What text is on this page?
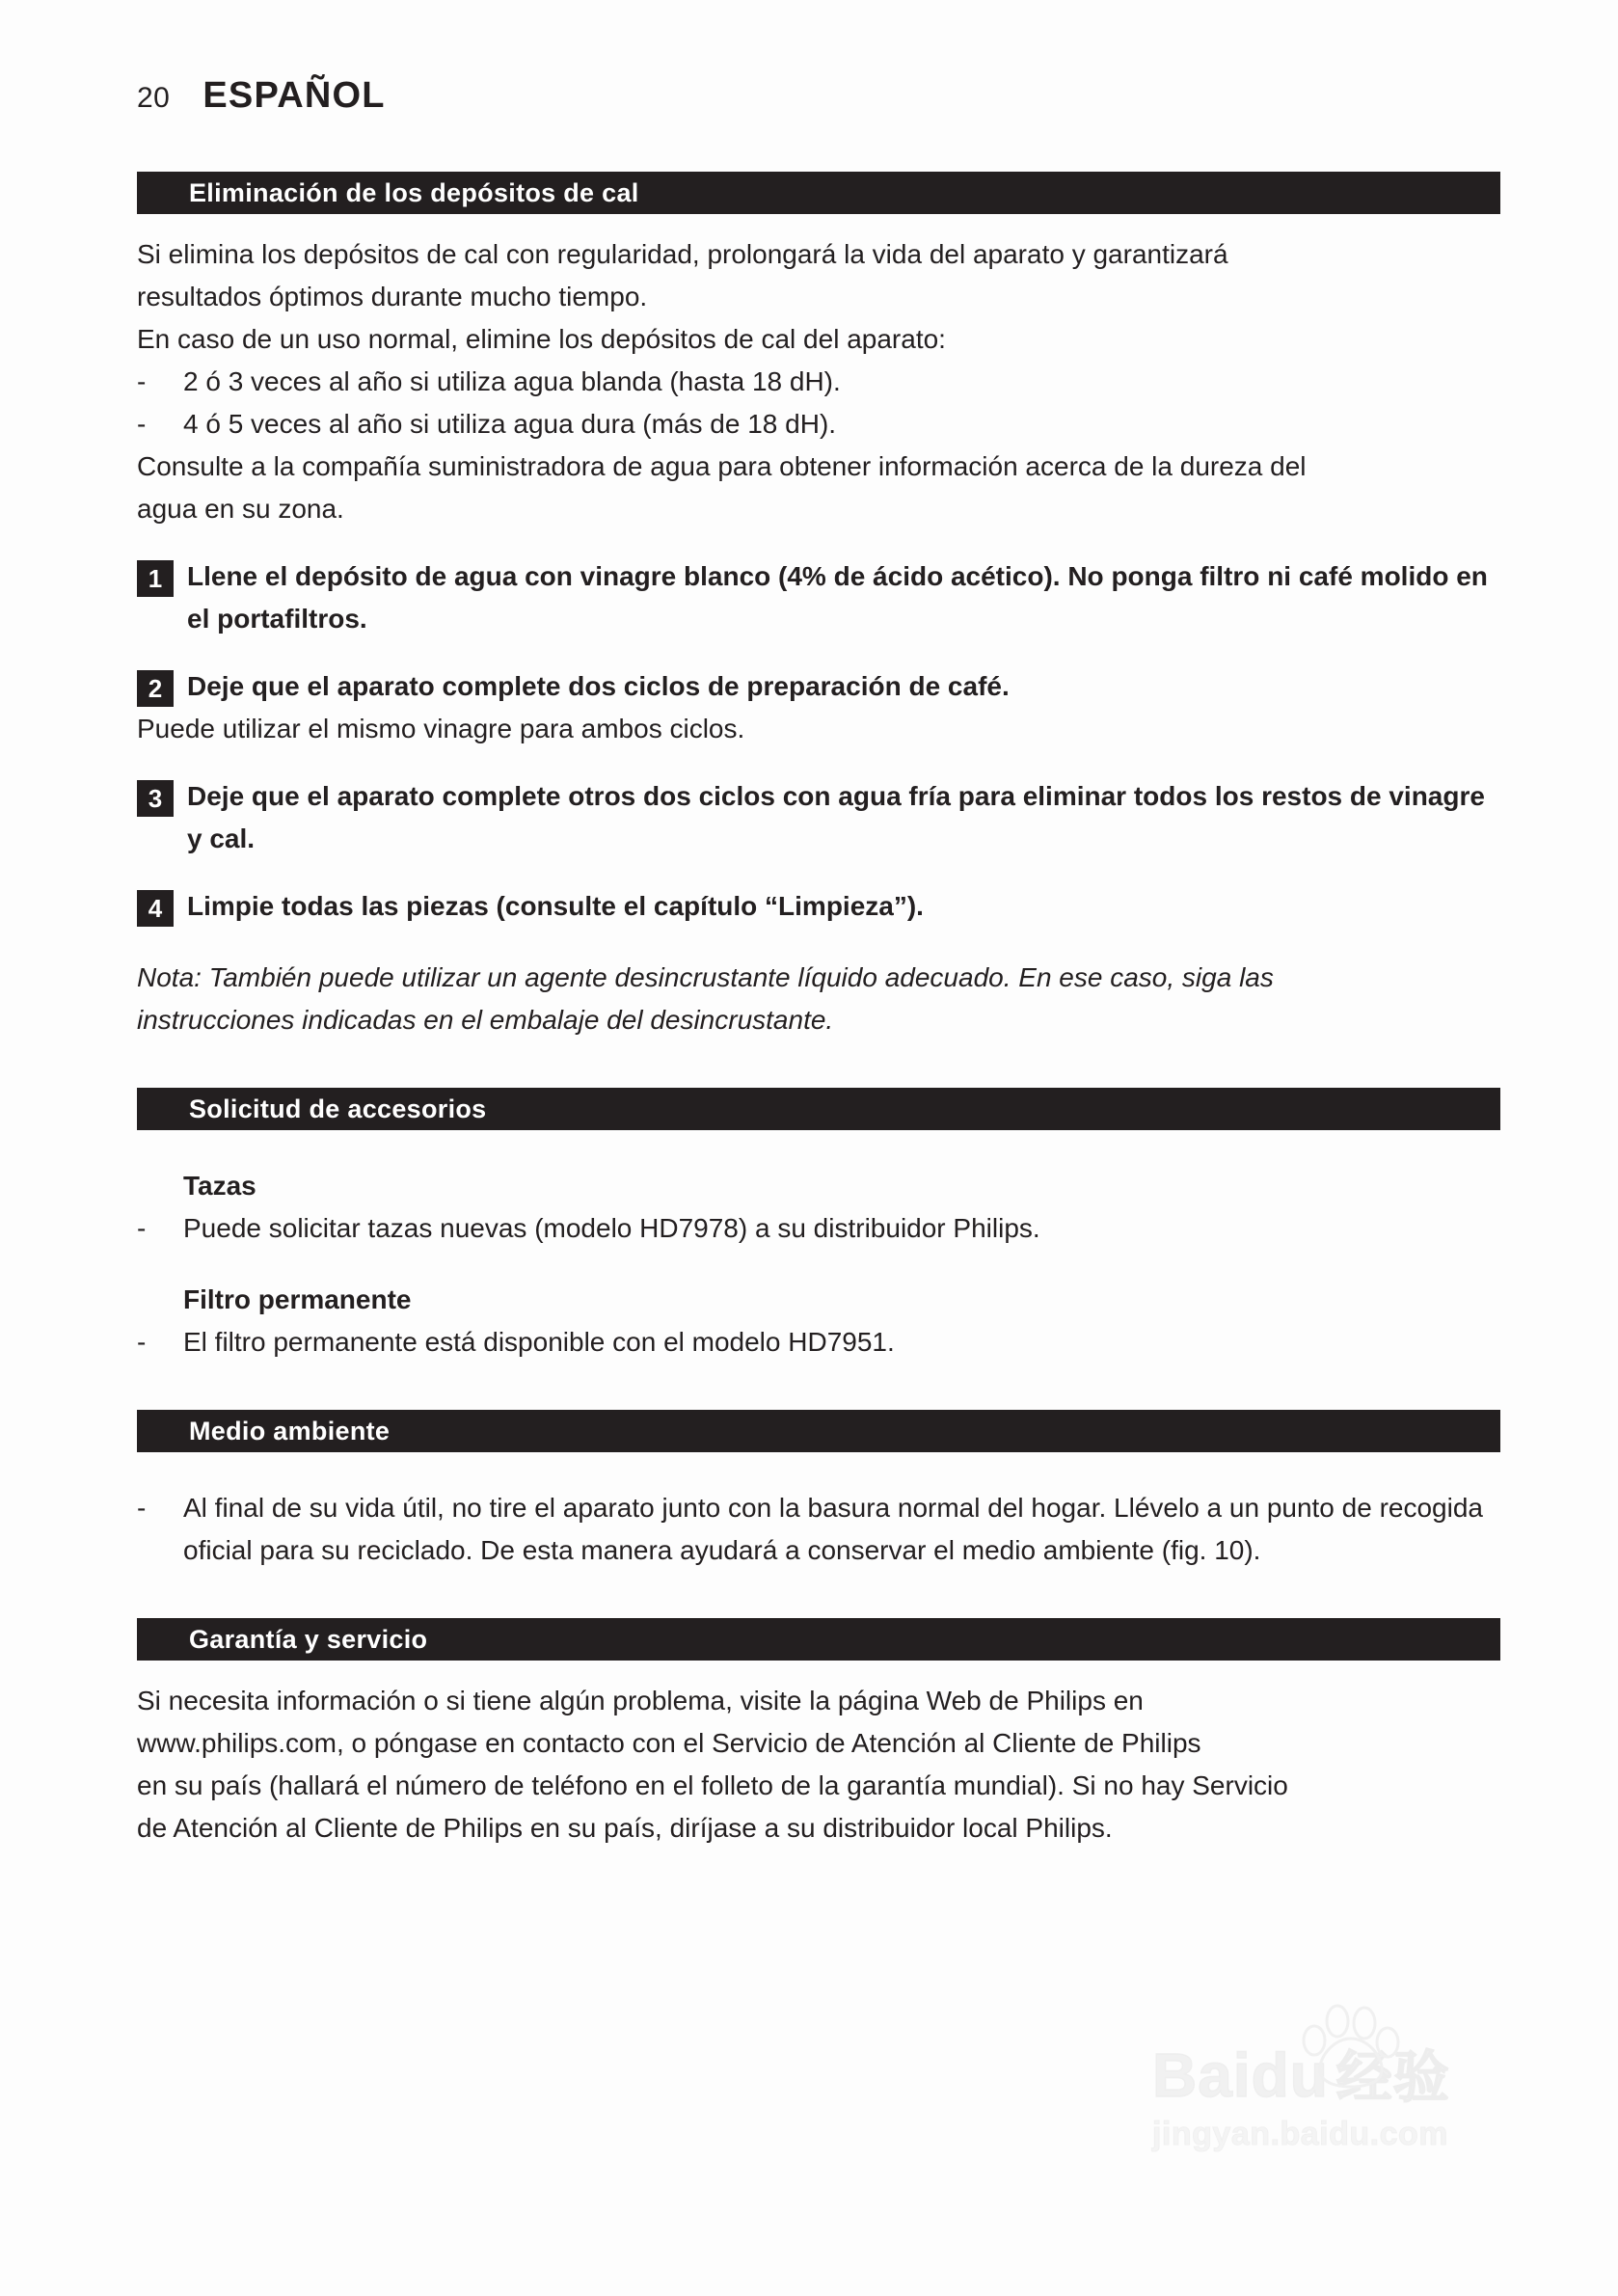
20 ESPAÑOL
Eliminación de los depósitos de cal

Si elimina los depósitos de cal con regularidad, prolongará la vida del aparato y garantizará

resultados óptimos durante mucho tiempo.

En caso de un uso normal, elimine los depósitos de cal del aparato:

-	2 ó 3 veces al año si utiliza agua blanda (hasta 18 dH).
-	4 ó 5 veces al año si utiliza agua dura (más de 18 dH).

Consulte a la compañía suministradora de agua para obtener información acerca de la dureza del

agua en su zona.

1 Llene el depósito de agua con vinagre blanco (4% de ácido acético). No ponga filtro ni café molido en el portafiltros.
2 Deje que el aparato complete dos ciclos de preparación de café.

Puede utilizar el mismo vinagre para ambos ciclos.

3 Deje que el aparato complete otros dos ciclos con agua fría para eliminar todos los restos de vinagre y cal.
4 Limpie todas las piezas (consulte el capítulo “Limpieza”).

Nota: También puede utilizar un agente desincrustante líquido adecuado. En ese caso, siga las

instrucciones indicadas en el embalaje del desincrustante.

Solicitud de accesorios

Tazas

-	Puede solicitar tazas nuevas (modelo HD7978) a su distribuidor Philips.

Filtro permanente

-	El filtro permanente está disponible con el modelo HD7951.
Medio ambiente
-	Al final de su vida útil, no tire el aparato junto con la basura normal del hogar. Llévelo a un punto de recogida oficial para su reciclado. De esta manera ayudará a conservar el medio ambiente (fig. 10).
Garantía y servicio

Si necesita información o si tiene algún problema, visite la página Web de Philips en

www.philips.com, o póngase en contacto con el Servicio de Atención al Cliente de Philips

en su país (hallará el número de teléfono en el folleto de la garantía mundial). Si no hay Servicio

de Atención al Cliente de Philips en su país, diríjase a su distribuidor local Philips.

Baidu 经验
jingyan.baidu.com
